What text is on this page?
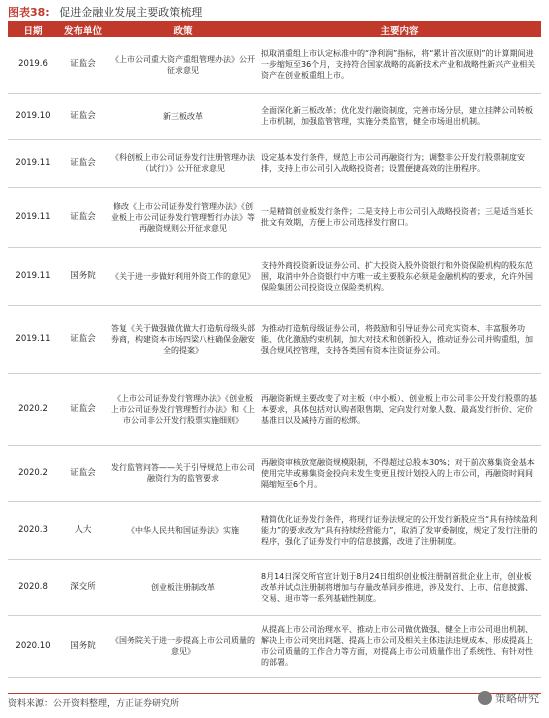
图表38: 促进金融业发展主要政策梳理
日期	发布单位	政策	主要内容
2019.6	证监会	《上市公司重大资产重组管理办法》公开征求意见	拟取消重组上市认定标准中的“净利润”指标，将“累计首次原则”的计算期间进一步缩短至36个月，支持符合国家战略的高新技术产业和战略性新兴产业相关资产在创业板重组上市。
2019.10	证监会	新三板改革	全面深化新三板改革；优化发行融资制度，完善市场分层，建立挂牌公司转板上市机制，加强监管管理，实施分类监管，健全市场退出机制。
2019.11	证监会	《科创板上市公司证券发行注册管理办法（试行）》公开征求意见	设定基本发行条件，规范上市公司再融资行为；调整非公开发行股票制度安排，支持上市公司引入战略投资者；设置便捷高效的注册程序。
2019.11	证监会	修改《上市公司证券发行管理办法》《创业板上市公司证券发行管理暂行办法》等再融资规则公开征求意见	一是精简创业板发行条件；二是支持上市公司引入战略投资者；三是适当延长批文有效期，方便上市公司选择发行窗口。
2019.11	国务院	《关于进一步做好利用外资工作的意见》	支持外商投资新设证券公司、扩大投资入股外资银行和外资保险机构的股东范围，取消中外合资银行中方唯一或主要股东必须是金融机构的要求，允许外国保险集团公司投资设立保险类机构。
2019.11	证监会	答复《关于做强做优做大打造航母级头部券商，构建资本市场四梁八柱确保金融安全的提案》	为推动打造航母级证券公司，将鼓励和引导证券公司充实资本、丰富服务功能、优化激励约束机制，加大对技术和创新投入，推动证券公司并购重组，加强合规风控管理，支持各类国有资本注资证券公司。
2020.2	证监会	《上市公司证券发行管理办法》《创业板上市公司证券发行管理暂行办法》和《上市公司非公开发行股票实施细则》	再融资新规主要改变了对主板（中小板）、创业板上市公司非公开发行股票的基本要求，具体包括对认购者限售期、定向发行对象人数、最高发行折价、定价基准日以及减持方面的松绑。
2020.2	证监会	发行监管问答——关于引导规范上市公司融资行为的监管要求	再融资审核放宽融资规模限制，不得超过总股本30%；对于前次募集资金基本使用完毕或募集资金投向未发生变更且按计划投入的上市公司，再融资时间间隔缩短至6个月。
2020.3	人大	《中华人民共和国证券法》实施	精简优化证券发行条件，将现行证券法规定的公开发行新股应当“具有持续盈利能力”的要求改为“具有持续经营能力”，取消了发审委制度，规定了发行注册的程序，强化了证券发行中的信息披露，改进了注册制度。
2020.8	深交所	创业板注册制改革	8月14日深交所官宣计划于8月24日组织创业板注册制首批企业上市，创业板改革并试点注册制将增加与存量改革同步推进，涉及发行、上市、信息披露、交易、退市等一系列基础性制度。
2020.10	国务院	《国务院关于进一步提高上市公司质量的意见》	从提高上市公司治理水平、推动上市公司做优做强、健全上市公司退出机制、解决上市公司突出问题、提高上市公司及相关主体违法违规成本、形成提高上市公司质量的工作合力等方面，对提高上市公司质量作出了系统性、有针对性的部署。
资料来源：公开资料整理，方正证券研究所	策略研究
